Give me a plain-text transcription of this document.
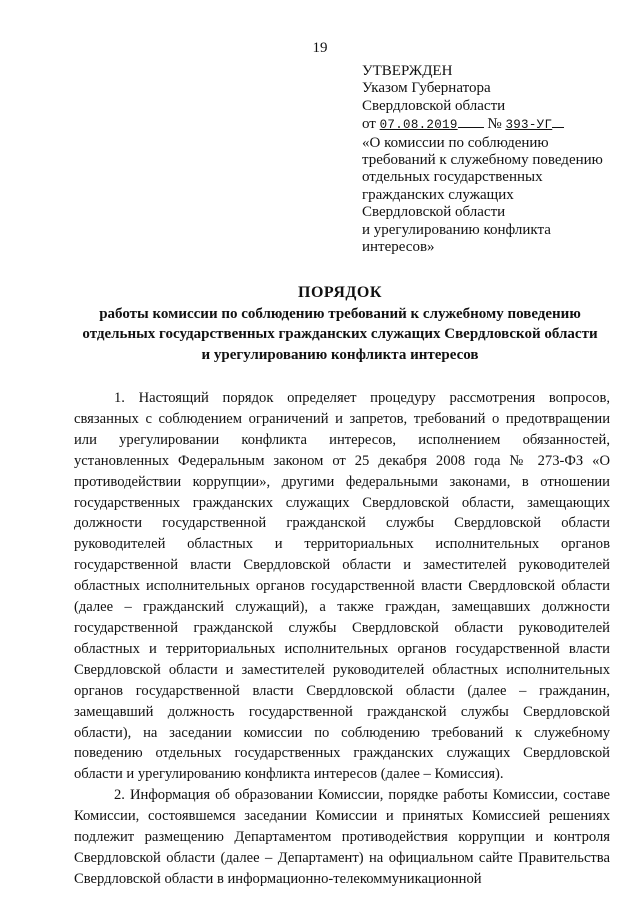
19
УТВЕРЖДЕН
Указом Губернатора
Свердловской области
от 07.08.2019 № 393-УГ
«О комиссии по соблюдению
требований к служебному поведению
отдельных государственных
гражданских служащих
Свердловской области
и урегулированию конфликта
интересов»
ПОРЯДОК
работы комиссии по соблюдению требований к служебному поведению
отдельных государственных гражданских служащих Свердловской области
и урегулированию конфликта интересов

1. Настоящий порядок определяет процедуру рассмотрения вопросов, связанных с соблюдением ограничений и запретов, требований о предотвращении или урегулировании конфликта интересов, исполнением обязанностей, установленных Федеральным законом от 25 декабря 2008 года № 273-ФЗ «О противодействии коррупции», другими федеральными законами, в отношении государственных гражданских служащих Свердловской области, замещающих должности государственной гражданской службы Свердловской области руководителей областных и территориальных исполнительных органов государственной власти Свердловской области и заместителей руководителей областных исполнительных органов государственной власти Свердловской области (далее – гражданский служащий), а также граждан, замещавших должности государственной гражданской службы Свердловской области руководителей областных и территориальных исполнительных органов государственной власти Свердловской области и заместителей руководителей областных исполнительных органов государственной власти Свердловской области (далее – гражданин, замещавший должность государственной гражданской службы Свердловской области), на заседании комиссии по соблюдению требований к служебному поведению отдельных государственных гражданских служащих Свердловской области и урегулированию конфликта интересов (далее – Комиссия).

2. Информация об образовании Комиссии, порядке работы Комиссии, составе Комиссии, состоявшемся заседании Комиссии и принятых Комиссией решениях подлежит размещению Департаментом противодействия коррупции и контроля Свердловской области (далее – Департамент) на официальном сайте Правительства Свердловской области в информационно-телекоммуникационной
